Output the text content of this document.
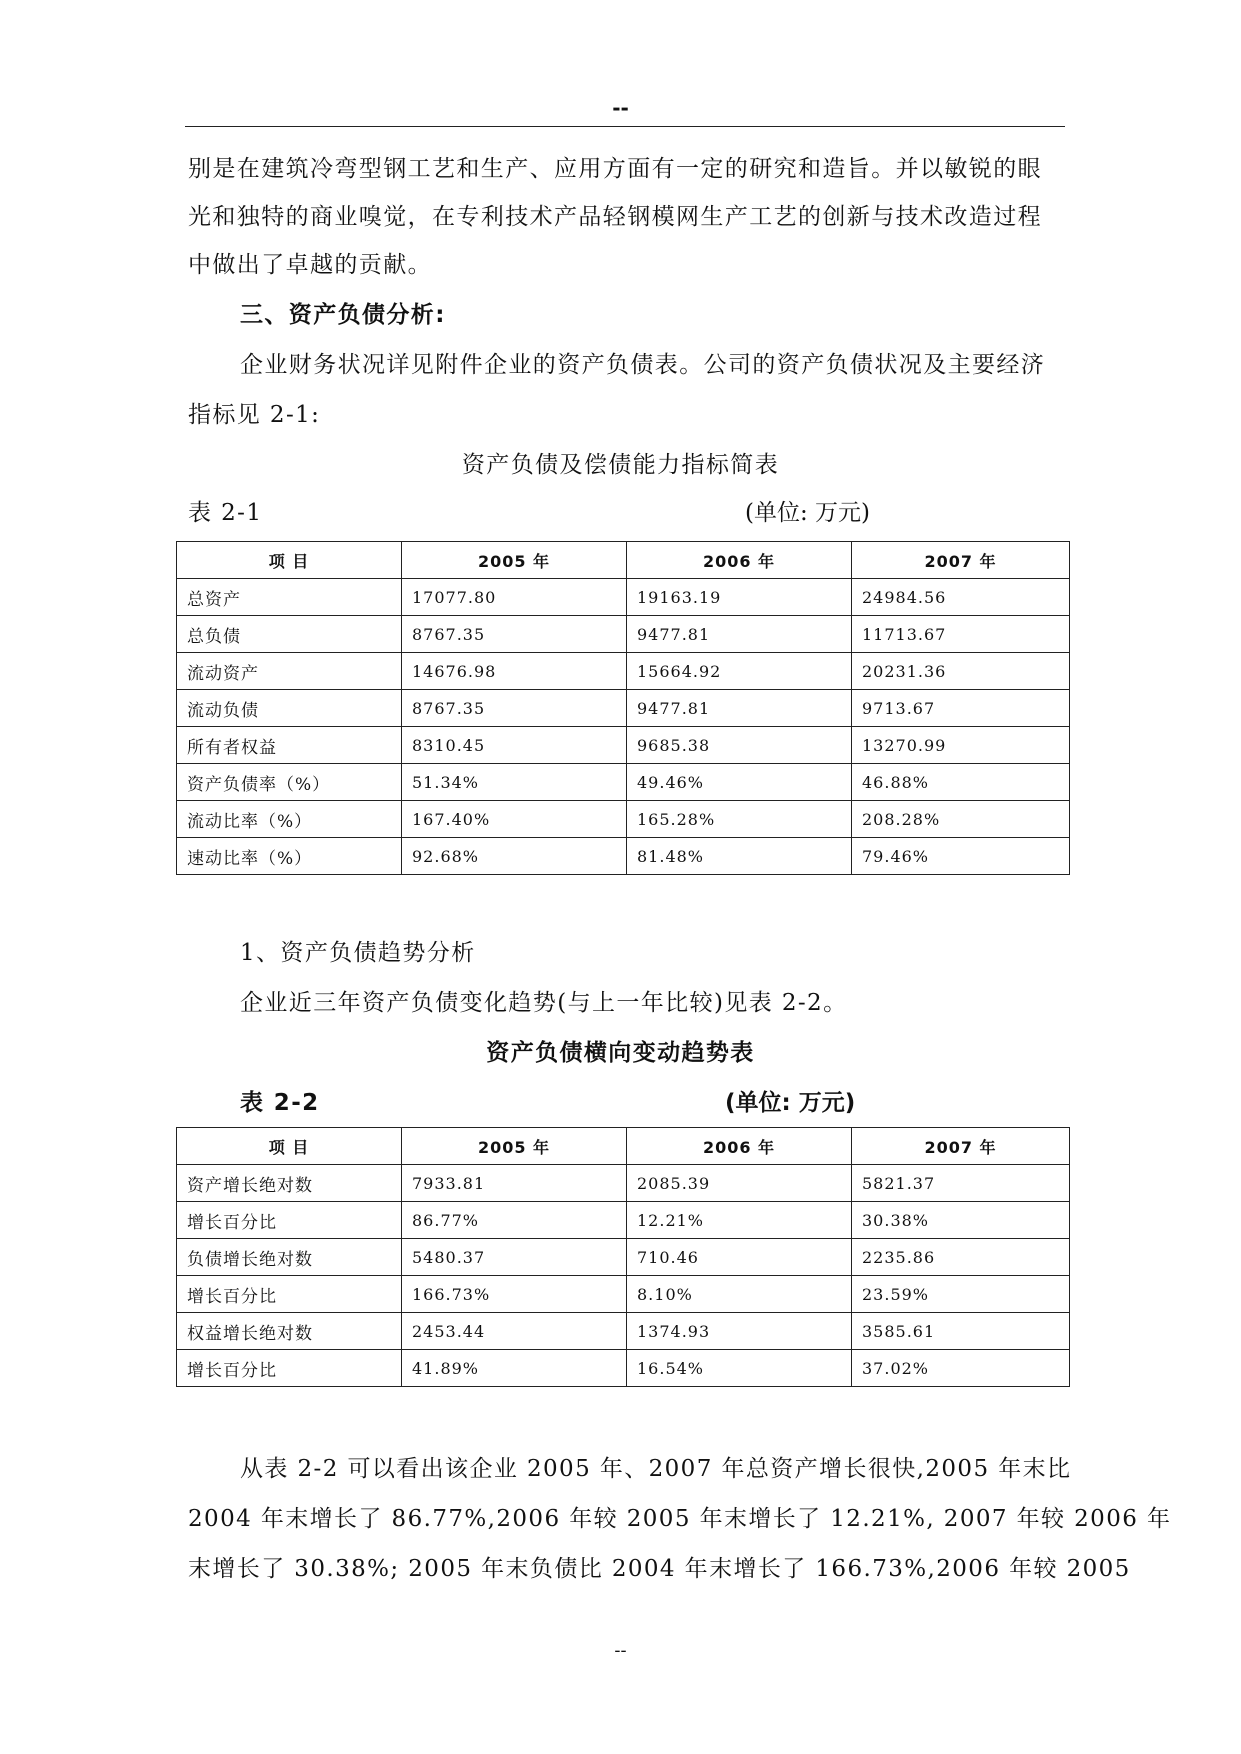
--
别是在建筑冷弯型钢工艺和生产、应用方面有一定的研究和造旨。并以敏锐的眼
光和独特的商业嗅觉，在专利技术产品轻钢模网生产工艺的创新与技术改造过程
中做出了卓越的贡献。
三、资产负债分析:
企业财务状况详见附件企业的资产负债表。公司的资产负债状况及主要经济
指标见 2-1:
资产负债及偿债能力指标简表
表 2-1	(单位: 万元)
项 目	2005 年	2006 年	2007 年
总资产	17077.80	19163.19	24984.56
总负债	8767.35	9477.81	11713.67
流动资产	14676.98	15664.92	20231.36
流动负债	8767.35	9477.81	9713.67
所有者权益	8310.45	9685.38	13270.99
资产负债率（%）	51.34%	49.46%	46.88%
流动比率（%）	167.40%	165.28%	208.28%
速动比率（%）	92.68%	81.48%	79.46%
1、资产负债趋势分析
企业近三年资产负债变化趋势(与上一年比较)见表 2-2。
资产负债横向变动趋势表
表 2-2	(单位: 万元)
项 目	2005 年	2006 年	2007 年
资产增长绝对数	7933.81	2085.39	5821.37
增长百分比	86.77%	12.21%	30.38%
负债增长绝对数	5480.37	710.46	2235.86
增长百分比	166.73%	8.10%	23.59%
权益增长绝对数	2453.44	1374.93	3585.61
增长百分比	41.89%	16.54%	37.02%
从表 2-2 可以看出该企业 2005 年、2007 年总资产增长很快,2005 年末比
2004 年末增长了 86.77%,2006 年较 2005 年末增长了 12.21%, 2007 年较 2006 年
末增长了 30.38%; 2005 年末负债比 2004 年末增长了 166.73%,2006 年较 2005
--
